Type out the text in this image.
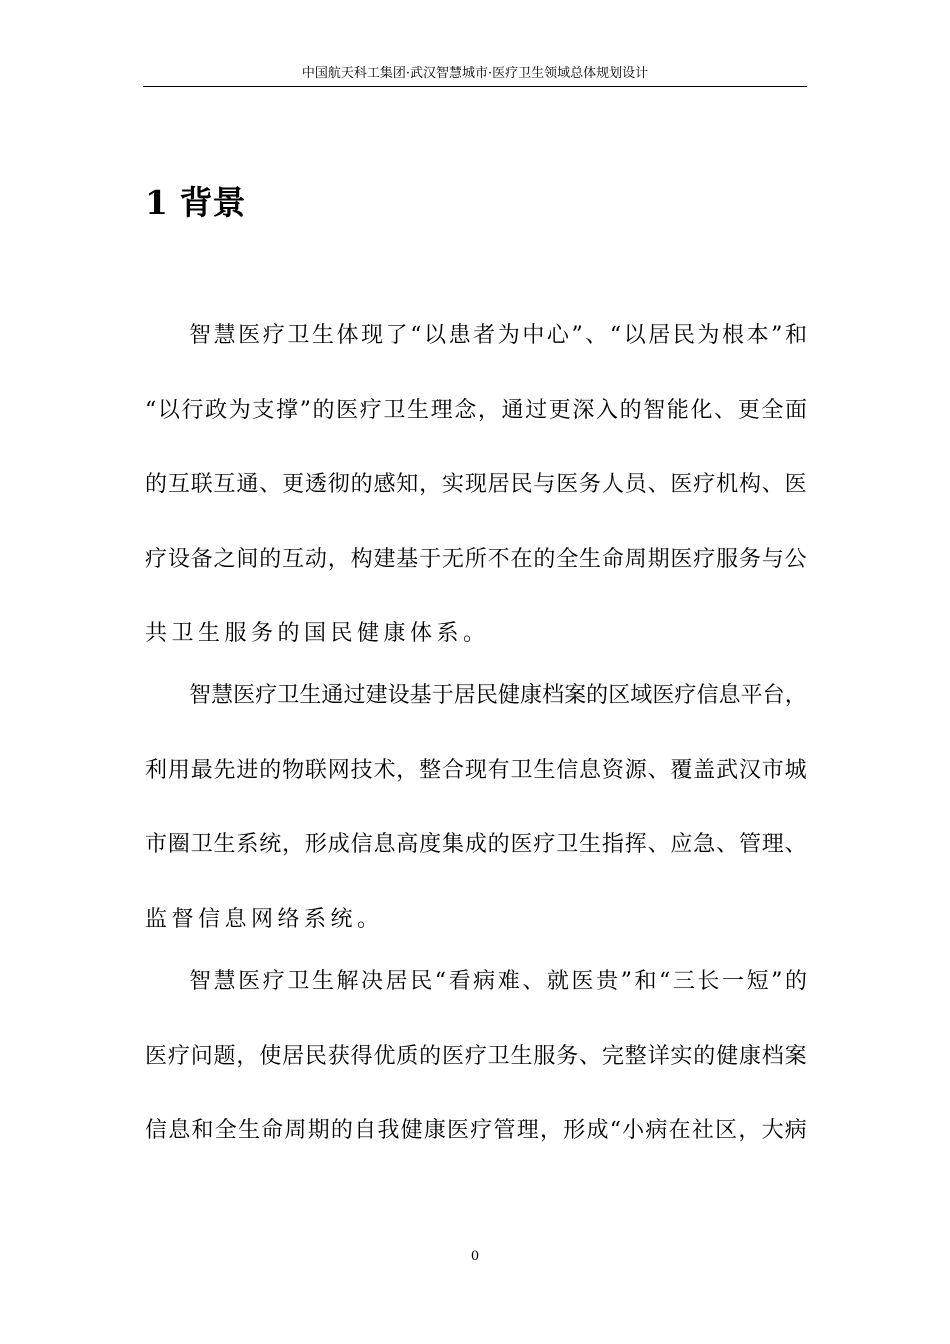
中国航天科工集团·武汉智慧城市·医疗卫生领域总体规划设计
1 背景
智 慧 医 疗 卫 生 体 现 了 “ 以 患 者 为 中 心 ” 、 “ 以 居 民 为 根 本 ” 和
“ 以 行 政 为 支 撑 ” 的 医 疗 卫 生 理 念 ， 通 过 更 深 入 的 智 能 化 、 更 全 面
的 互 联 互 通 、 更 透 彻 的 感 知 ， 实 现 居 民 与 医 务 人 员 、 医 疗 机 构 、 医
疗 设 备 之 间 的 互 动 ， 构 建 基 于 无 所 不 在 的 全 生 命 周 期 医 疗 服 务 与 公
共卫生服务的国民健康体系。
智 慧 医 疗 卫 生 通 过 建 设 基 于 居 民 健 康 档 案 的 区 域 医 疗 信 息 平 台 ，
利 用 最 先 进 的 物 联 网 技 术 ， 整 合 现 有 卫 生 信 息 资 源 、 覆 盖 武 汉 市 城
市 圈 卫 生 系 统 ， 形 成 信 息 高 度 集 成 的 医 疗 卫 生 指 挥 、 应 急 、 管 理 、
监督信息网络系统。
智 慧 医 疗 卫 生 解 决 居 民 “ 看 病 难 、 就 医 贵 ” 和 “ 三 长 一 短 ” 的
医 疗 问 题 ， 使 居 民 获 得 优 质 的 医 疗 卫 生 服 务 、 完 整 详 实 的 健 康 档 案
信 息 和 全 生 命 周 期 的 自 我 健 康 医 疗 管 理 ， 形 成 “ 小 病 在 社 区 ， 大 病
0
